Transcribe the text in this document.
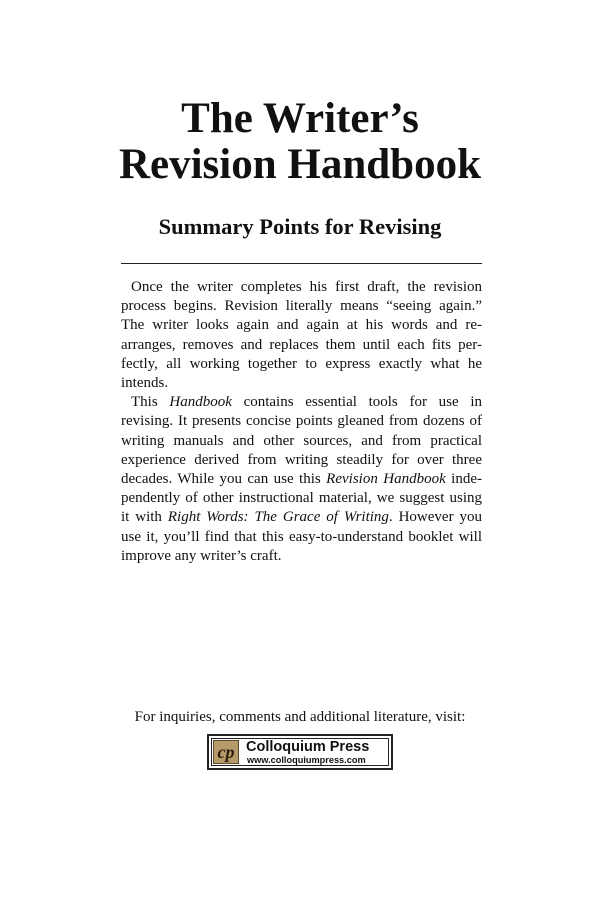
The Writer’s
Revision Handbook
Summary Points for Revising

Once the writer completes his first draft, the revision process begins. Revision literally means “seeing again.” The writer looks again and again at his words and re-arranges, removes and replaces them until each fits per-fectly, all working together to express exactly what he intends.

This Handbook contains essential tools for use in revising. It presents concise points gleaned from dozens of writing manuals and other sources, and from practical experience derived from writing steadily for over three decades. While you can use this Revision Handbook inde-pendently of other instructional material, we suggest using it with Right Words: The Grace of Writing. However you use it, you’ll find that this easy-to-understand booklet will improve any writer’s craft.

For inquiries, comments and additional literature, visit:
cp Colloquium Press
www.colloquiumpress.com
